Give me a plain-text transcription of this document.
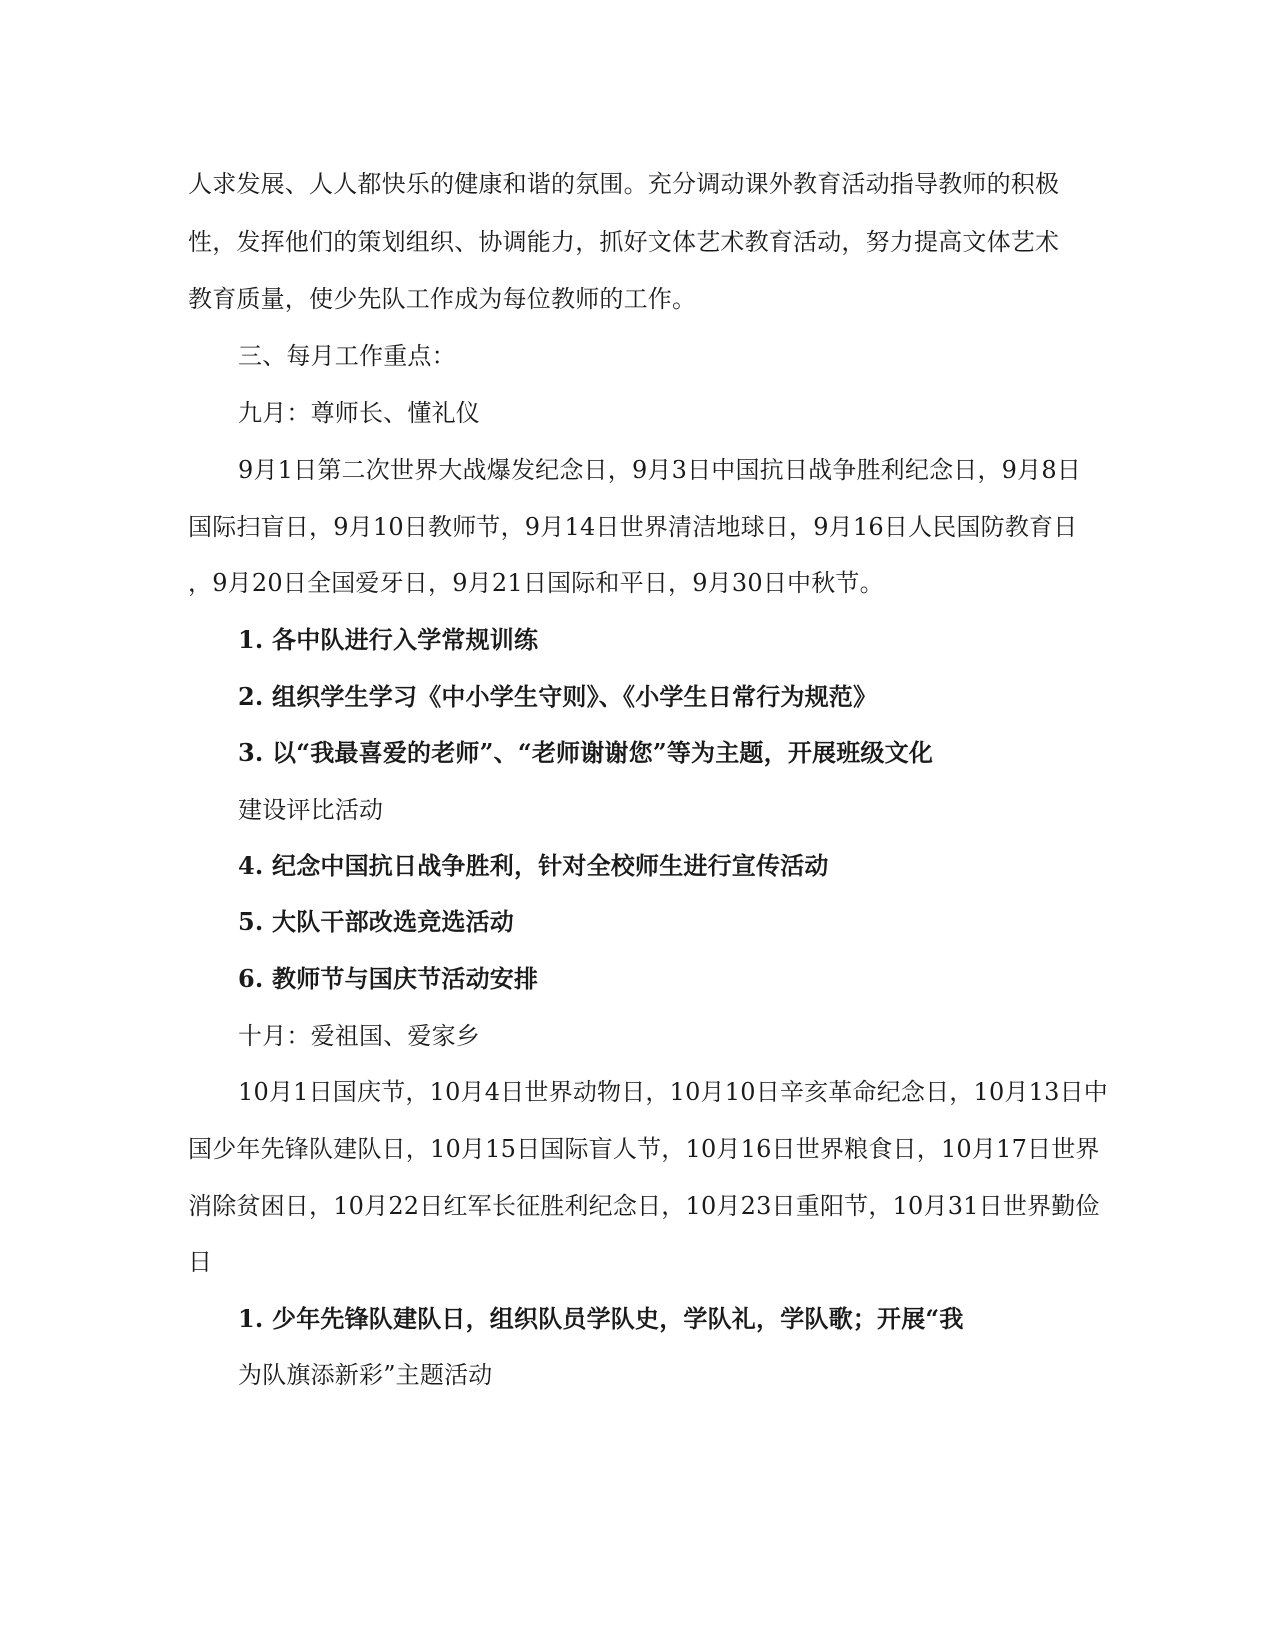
人求发展、人人都快乐的健康和谐的氛围。充分调动课外教育活动指导教师的积极
性，发挥他们的策划组织、协调能力，抓好文体艺术教育活动，努力提高文体艺术
教育质量，使少先队工作成为每位教师的工作。
三、每月工作重点：
九月：尊师长、懂礼仪
9月1日第二次世界大战爆发纪念日，9月3日中国抗日战争胜利纪念日，9月8日
国际扫盲日，9月10日教师节，9月14日世界清洁地球日，9月16日人民国防教育日
，9月20日全国爱牙日，9月21日国际和平日，9月30日中秋节。
1. 各中队进行入学常规训练
2. 组织学生学习《中小学生守则》、《小学生日常行为规范》
3. 以“我最喜爱的老师”、“老师谢谢您”等为主题，开展班级文化
建设评比活动
4. 纪念中国抗日战争胜利，针对全校师生进行宣传活动
5. 大队干部改选竞选活动
6. 教师节与国庆节活动安排
十月：爱祖国、爱家乡
10月1日国庆节，10月4日世界动物日，10月10日辛亥革命纪念日，10月13日中
国少年先锋队建队日，10月15日国际盲人节，10月16日世界粮食日，10月17日世界
消除贫困日，10月22日红军长征胜利纪念日，10月23日重阳节，10月31日世界勤俭
日
1. 少年先锋队建队日，组织队员学队史，学队礼，学队歌；开展“我
为队旗添新彩”主题活动
